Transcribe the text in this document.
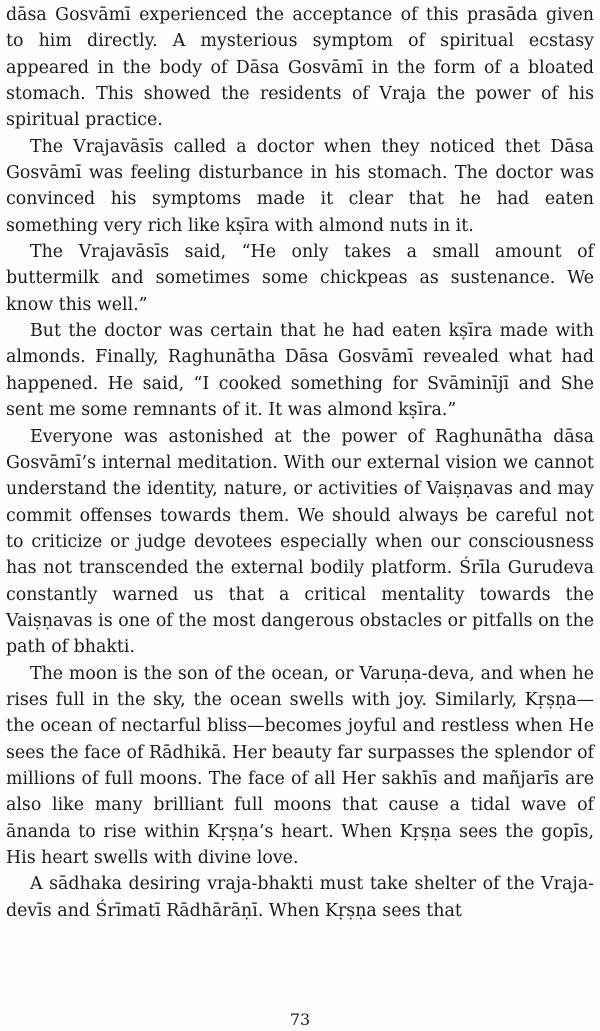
dāsa Gosvāmī experienced the acceptance of this prasāda given to him directly. A mysterious symptom of spiritual ecstasy appeared in the body of Dāsa Gosvāmī in the form of a bloated stomach. This showed the residents of Vraja the power of his spiritual practice.

The Vrajavāsīs called a doctor when they noticed thet Dāsa Gosvāmī was feeling disturbance in his stomach. The doctor was convinced his symptoms made it clear that he had eaten something very rich like kṣīra with almond nuts in it.

The Vrajavāsīs said, “He only takes a small amount of buttermilk and sometimes some chickpeas as sustenance. We know this well.”

But the doctor was certain that he had eaten kṣīra made with almonds. Finally, Raghunātha Dāsa Gosvāmī revealed what had happened. He said, “I cooked something for Svāminījī and She sent me some remnants of it. It was almond kṣīra.”

Everyone was astonished at the power of Raghunātha dāsa Gosvāmī’s internal meditation. With our external vision we cannot understand the identity, nature, or activities of Vaiṣṇavas and may commit offenses towards them. We should always be careful not to criticize or judge devotees especially when our consciousness has not transcended the external bodily platform. Śrīla Gurudeva constantly warned us that a critical mentality towards the Vaiṣṇavas is one of the most dangerous obstacles or pitfalls on the path of bhakti.

The moon is the son of the ocean, or Varuṇa-deva, and when he rises full in the sky, the ocean swells with joy. Similarly, Kṛṣṇa—the ocean of nectarful bliss—becomes joyful and restless when He sees the face of Rādhikā. Her beauty far surpasses the splendor of millions of full moons. The face of all Her sakhīs and mañjarīs are also like many brilliant full moons that cause a tidal wave of ānanda to rise within Kṛṣṇa’s heart. When Kṛṣṇa sees the gopīs, His heart swells with divine love.

A sādhaka desiring vraja-bhakti must take shelter of the Vraja-devīs and Śrīmatī Rādhārāṇī. When Kṛṣṇa sees that

73
